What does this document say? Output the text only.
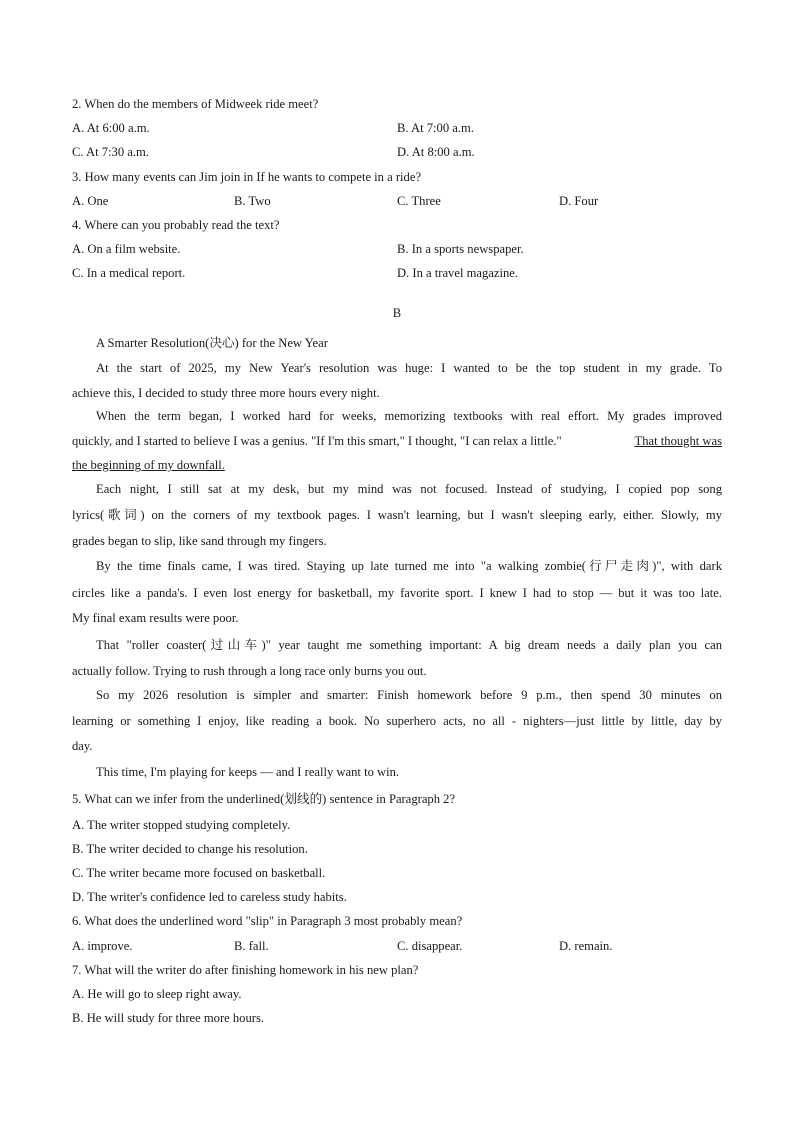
2. When do the members of Midweek ride meet?
A. At 6:00 a.m.	B. At 7:00 a.m.
C. At 7:30 a.m.	D. At 8:00 a.m.
3. How many events can Jim join in If he wants to compete in a ride?
A. One	B. Two	C. Three	D. Four
4. Where can you probably read the text?
A. On a film website.	B. In a sports newspaper.
C. In a medical report.	D. In a travel magazine.
B
A Smarter Resolution(决心) for the New Year
At the start of 2025, my New Year's resolution was huge: I wanted to be the top student in my grade. To
achieve this, I decided to study three more hours every night.
When the term began, I worked hard for weeks, memorizing textbooks with real effort. My grades improved
quickly, and I started to believe I was a genius. "If I'm this smart," I thought, "I can relax a little."	That thought was
the beginning of my downfall.
Each night, I still sat at my desk, but my mind was not focused. Instead of studying, I copied pop song
lyrics(歌词) on the corners of my textbook pages. I wasn't learning, but I wasn't sleeping early, either. Slowly, my
grades began to slip, like sand through my fingers.
By the time finals came, I was tired. Staying up late turned me into "a walking zombie(行尸走肉)", with dark
circles like a panda's. I even lost energy for basketball, my favorite sport. I knew I had to stop — but it was too late.
My final exam results were poor.
That "roller coaster(过山车)" year taught me something important: A big dream needs a daily plan you can
actually follow. Trying to rush through a long race only burns you out.
So my 2026 resolution is simpler and smarter: Finish homework before 9 p.m., then spend 30 minutes on
learning or something I enjoy, like reading a book. No superhero acts, no all - nighters—just little by little, day by
day.
This time, I'm playing for keeps — and I really want to win.
5. What can we infer from the underlined(划线的) sentence in Paragraph 2?
A. The writer stopped studying completely.
B. The writer decided to change his resolution.
C. The writer became more focused on basketball.
D. The writer's confidence led to careless study habits.
6. What does the underlined word "slip" in Paragraph 3 most probably mean?
A. improve.	B. fall.	C. disappear.	D. remain.
7. What will the writer do after finishing homework in his new plan?
A. He will go to sleep right away.
B. He will study for three more hours.
